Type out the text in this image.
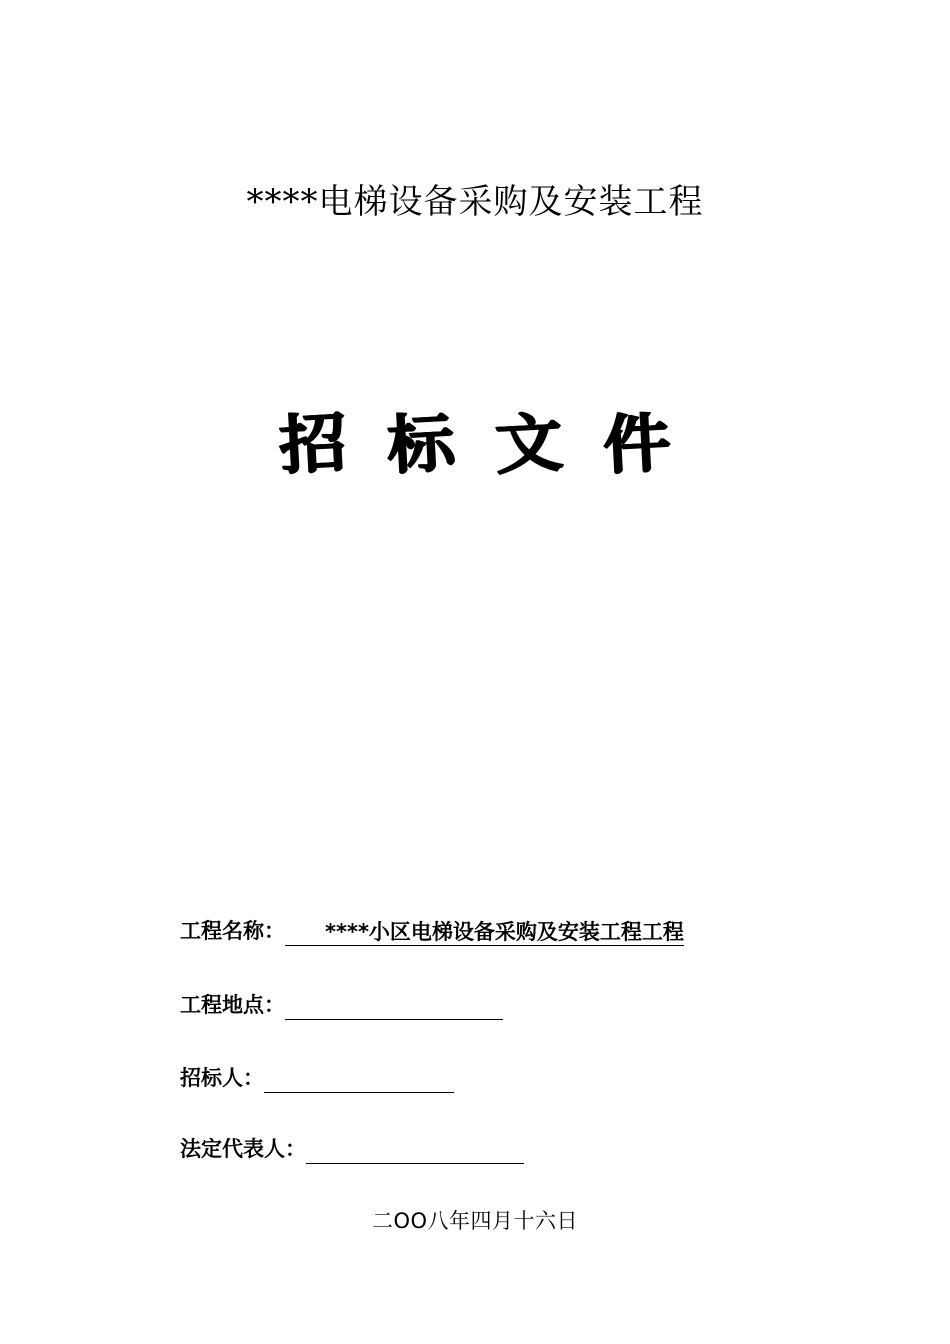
****电梯设备采购及安装工程
招 标 文 件
工程名称： ****小区电梯设备采购及安装工程工程
工程地点：
招标人：
法定代表人：
二OO八年四月十六日
